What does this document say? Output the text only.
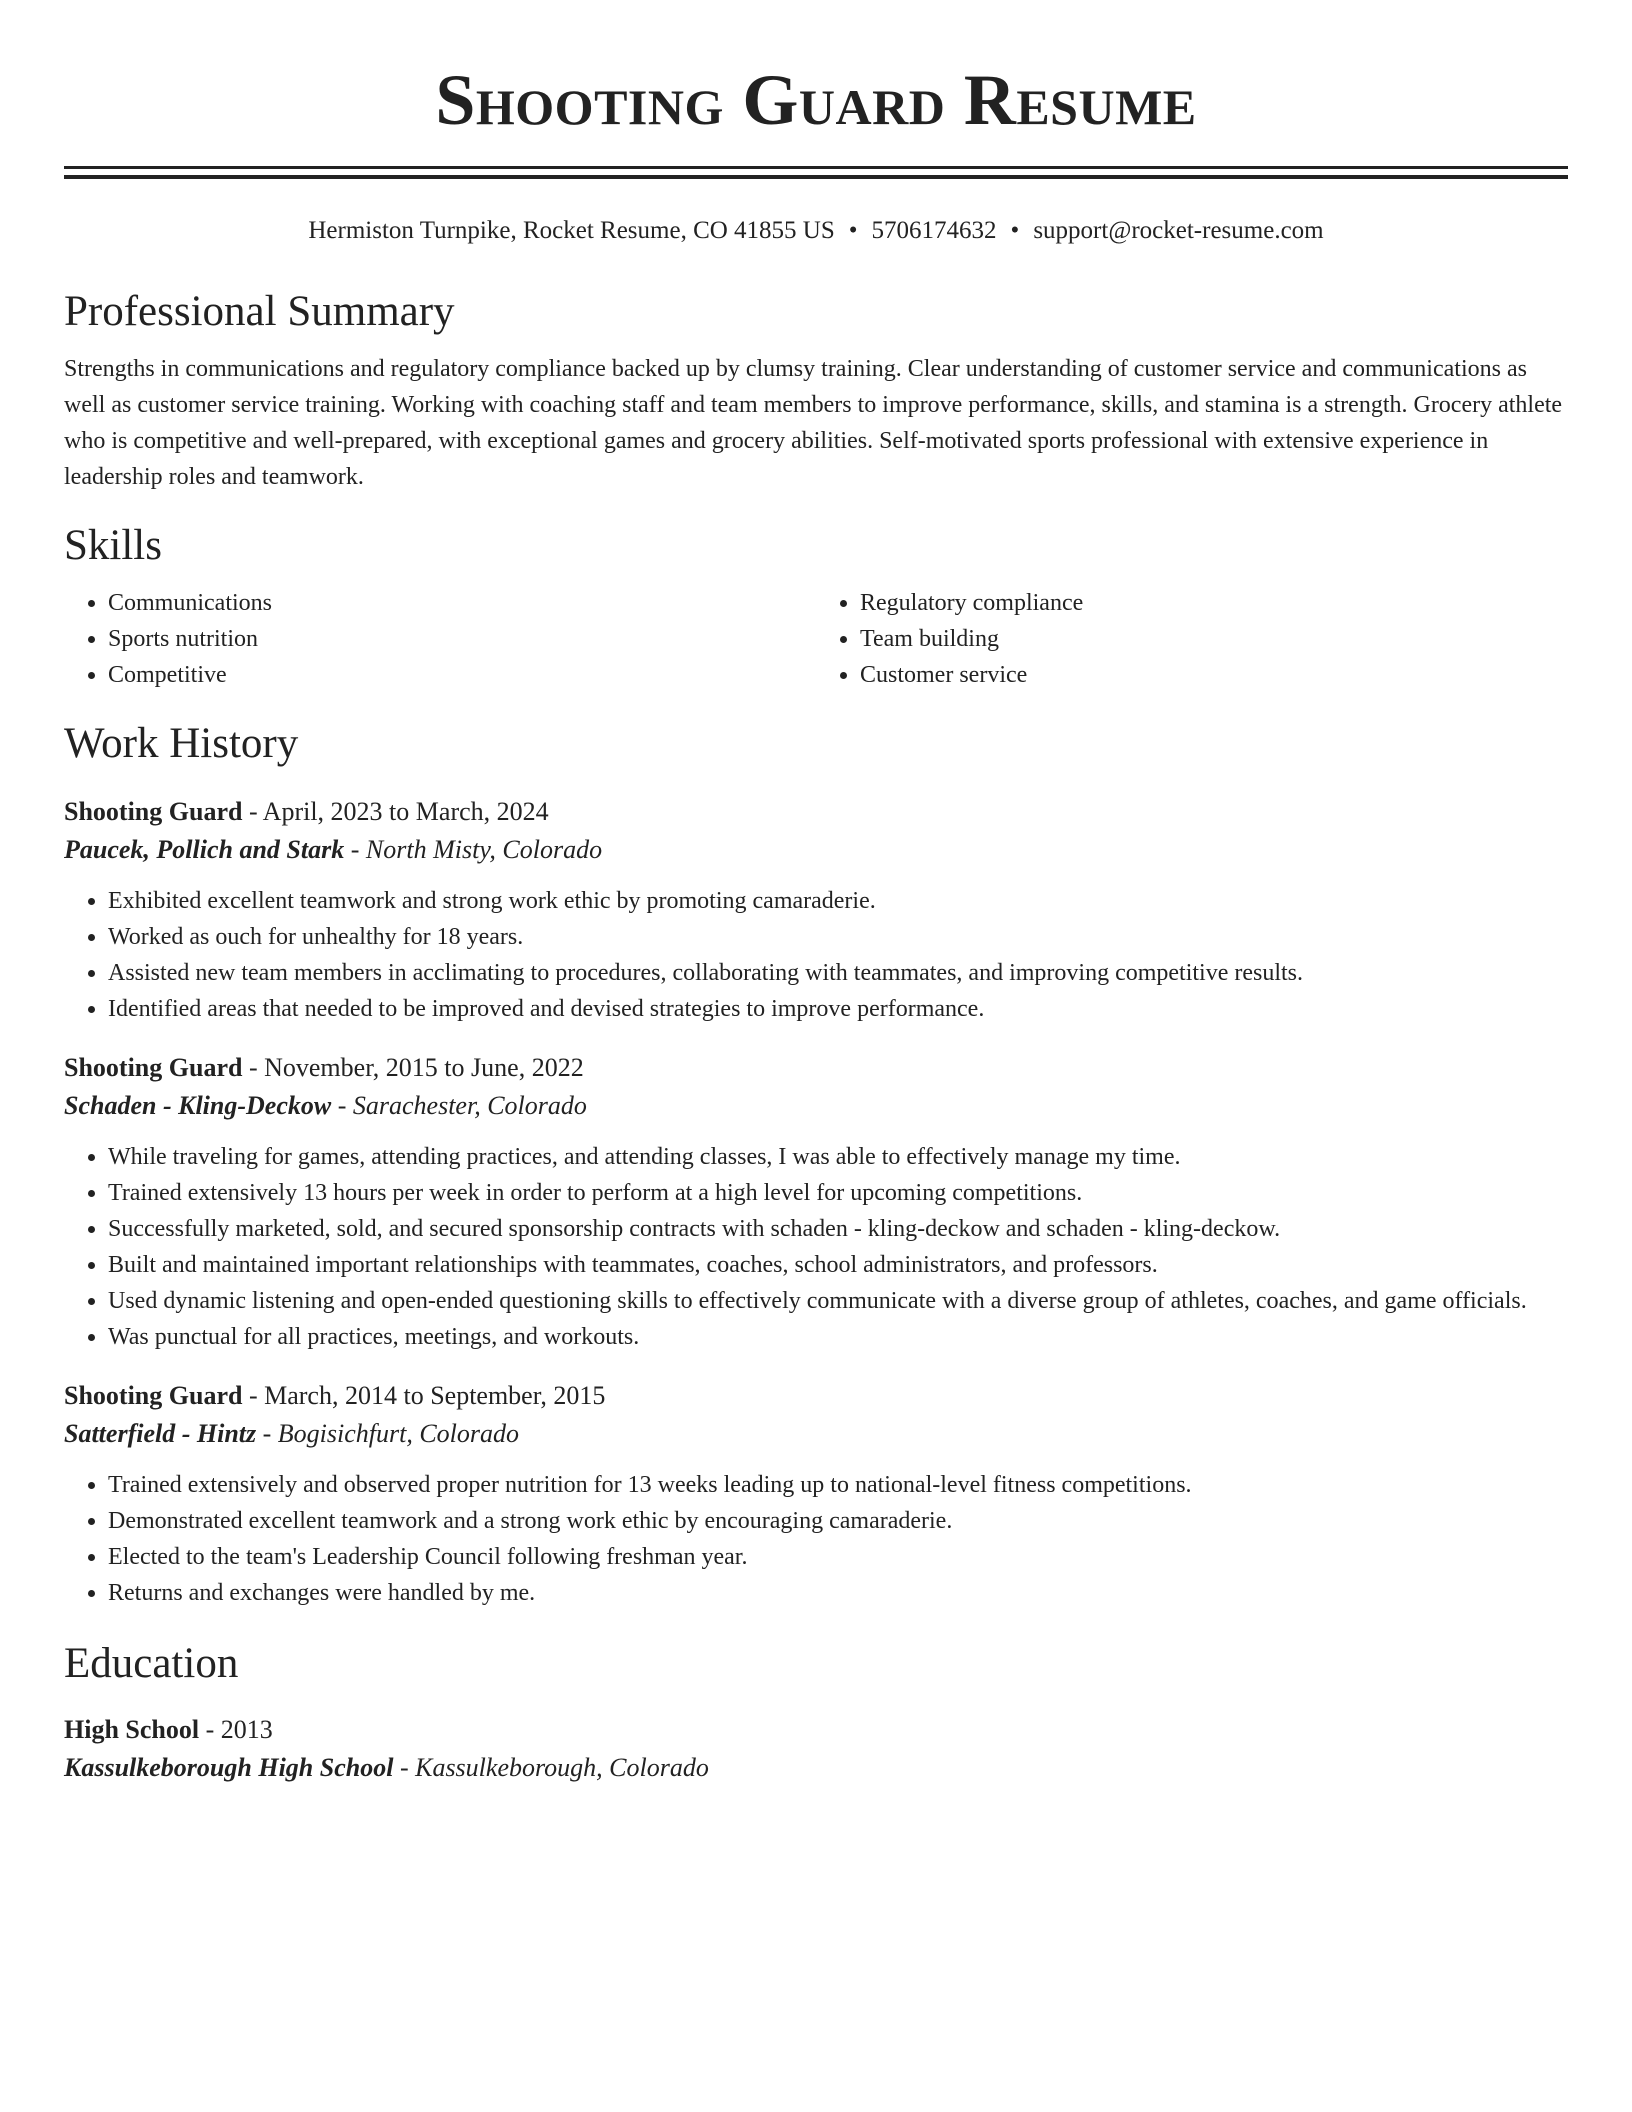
Shooting Guard Resume
Hermiston Turnpike, Rocket Resume, CO 41855 US • 5706174632 • support@rocket-resume.com
Professional Summary
Strengths in communications and regulatory compliance backed up by clumsy training. Clear understanding of customer service and communications as well as customer service training. Working with coaching staff and team members to improve performance, skills, and stamina is a strength. Grocery athlete who is competitive and well-prepared, with exceptional games and grocery abilities. Self-motivated sports professional with extensive experience in leadership roles and teamwork.
Skills
• Communications
• Sports nutrition
• Competitive
• Regulatory compliance
• Team building
• Customer service
Work History
Shooting Guard - April, 2023 to March, 2024
Paucek, Pollich and Stark - North Misty, Colorado
• Exhibited excellent teamwork and strong work ethic by promoting camaraderie.
• Worked as ouch for unhealthy for 18 years.
• Assisted new team members in acclimating to procedures, collaborating with teammates, and improving competitive results.
• Identified areas that needed to be improved and devised strategies to improve performance.
Shooting Guard - November, 2015 to June, 2022
Schaden - Kling-Deckow - Sarachester, Colorado
• While traveling for games, attending practices, and attending classes, I was able to effectively manage my time.
• Trained extensively 13 hours per week in order to perform at a high level for upcoming competitions.
• Successfully marketed, sold, and secured sponsorship contracts with schaden - kling-deckow and schaden - kling-deckow.
• Built and maintained important relationships with teammates, coaches, school administrators, and professors.
• Used dynamic listening and open-ended questioning skills to effectively communicate with a diverse group of athletes, coaches, and game officials.
• Was punctual for all practices, meetings, and workouts.
Shooting Guard - March, 2014 to September, 2015
Satterfield - Hintz - Bogisichfurt, Colorado
• Trained extensively and observed proper nutrition for 13 weeks leading up to national-level fitness competitions.
• Demonstrated excellent teamwork and a strong work ethic by encouraging camaraderie.
• Elected to the team's Leadership Council following freshman year.
• Returns and exchanges were handled by me.
Education
High School - 2013
Kassulkeborough High School - Kassulkeborough, Colorado
